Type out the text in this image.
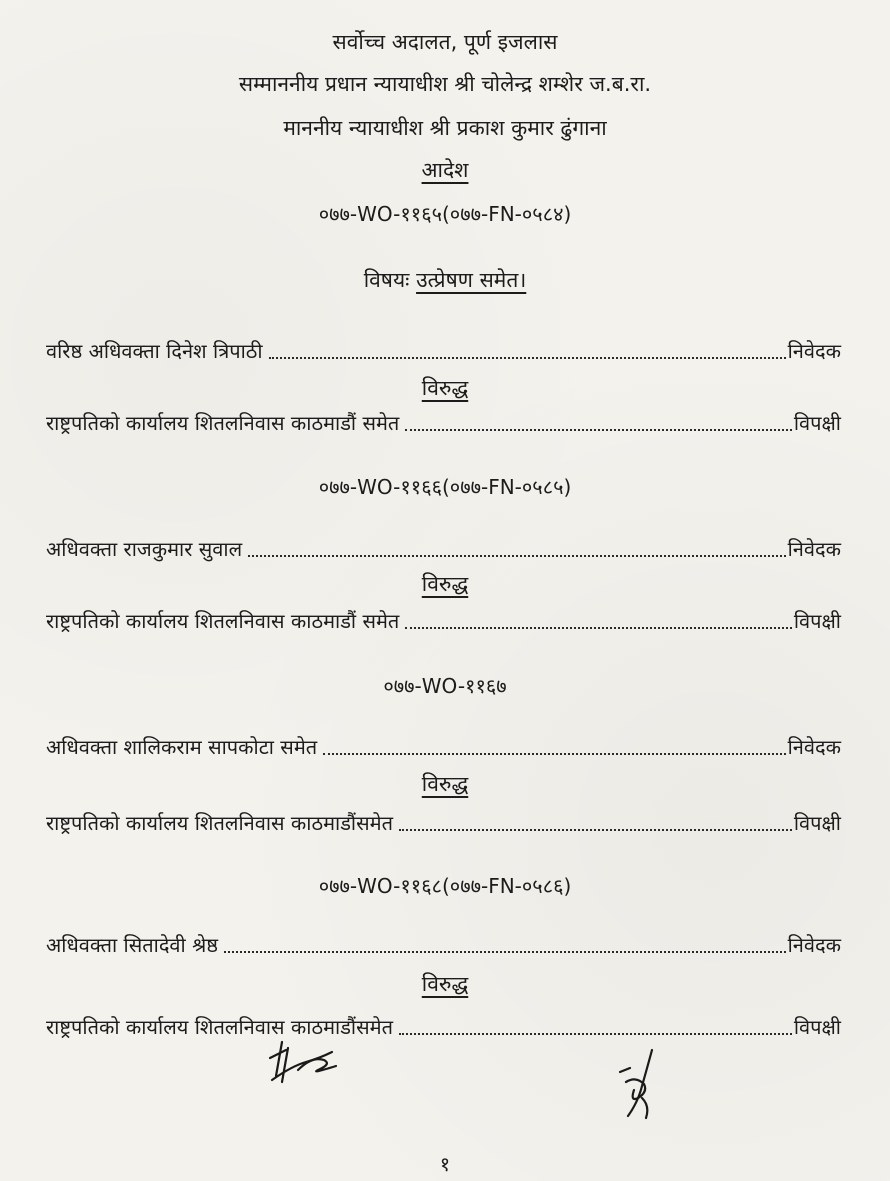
सर्वोच्च अदालत, पूर्ण इजलास
सम्माननीय प्रधान न्यायाधीश श्री चोलेन्द्र शम्शेर ज.ब.रा.
माननीय न्यायाधीश श्री प्रकाश कुमार ढुंगाना
आदेश
०७७-WO-११६५(०७७-FN-०५८४)
विषयः उत्प्रेषण समेत।
वरिष्ठ अधिवक्ता दिनेश त्रिपाठी	निवेदक
विरुद्ध
राष्ट्रपतिको कार्यालय शितलनिवास काठमाडौं समेत	विपक्षी
०७७-WO-११६६(०७७-FN-०५८५)
अधिवक्ता राजकुमार सुवाल	निवेदक
विरुद्ध
राष्ट्रपतिको कार्यालय शितलनिवास काठमाडौं समेत	विपक्षी
०७७-WO-११६७
अधिवक्ता शालिकराम सापकोटा समेत	निवेदक
विरुद्ध
राष्ट्रपतिको कार्यालय शितलनिवास काठमाडौंसमेत	विपक्षी
०७७-WO-११६८(०७७-FN-०५८६)
अधिवक्ता सितादेवी श्रेष्ठ	निवेदक
विरुद्ध
राष्ट्रपतिको कार्यालय शितलनिवास काठमाडौंसमेत	विपक्षी
१
